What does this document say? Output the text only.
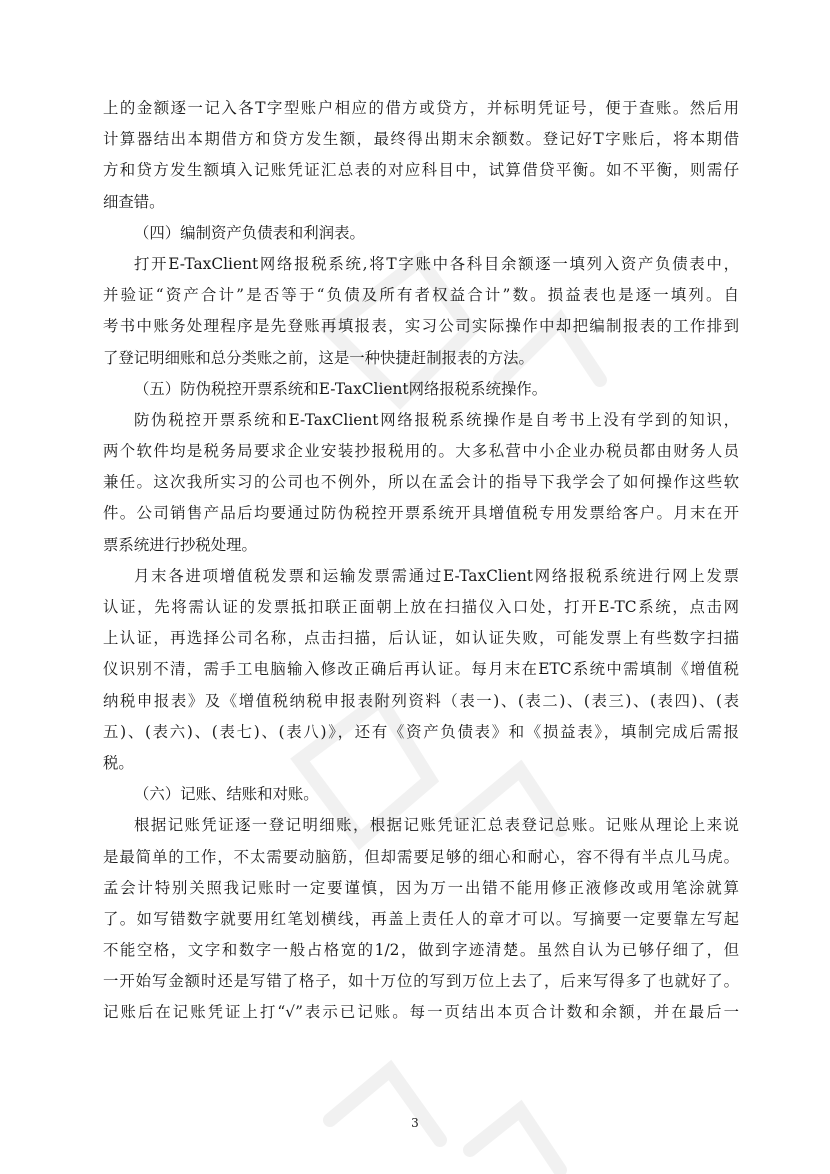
上的金额逐一记入各T字型账户相应的借方或贷方，并标明凭证号，便于查账。然后用
计算器结出本期借方和贷方发生额，最终得出期末余额数。登记好T字账后，将本期借
方和贷方发生额填入记账凭证汇总表的对应科目中，试算借贷平衡。如不平衡，则需仔
细查错。
（四）编制资产负债表和利润表。
打开E-TaxClient网络报税系统,将T字账中各科目余额逐一填列入资产负债表中，
并验证“资产合计”是否等于“负债及所有者权益合计”数。损益表也是逐一填列。自
考书中账务处理程序是先登账再填报表，实习公司实际操作中却把编制报表的工作排到
了登记明细账和总分类账之前，这是一种快捷赶制报表的方法。
（五）防伪税控开票系统和E-TaxClient网络报税系统操作。
防伪税控开票系统和E-TaxClient网络报税系统操作是自考书上没有学到的知识，
两个软件均是税务局要求企业安装抄报税用的。大多私营中小企业办税员都由财务人员
兼任。这次我所实习的公司也不例外，所以在孟会计的指导下我学会了如何操作这些软
件。公司销售产品后均要通过防伪税控开票系统开具增值税专用发票给客户。月末在开
票系统进行抄税处理。
月末各进项增值税发票和运输发票需通过E-TaxClient网络报税系统进行网上发票
认证，先将需认证的发票抵扣联正面朝上放在扫描仪入口处，打开E-TC系统，点击网
上认证，再选择公司名称，点击扫描，后认证，如认证失败，可能发票上有些数字扫描
仪识别不清，需手工电脑输入修改正确后再认证。每月末在ETC系统中需填制《增值税
纳税申报表》及《增值税纳税申报表附列资料（表一)、(表二)、(表三)、(表四)、(表
五)、(表六)、(表七)、(表八)》，还有《资产负债表》和《损益表》，填制完成后需报
税。
（六）记账、结账和对账。
根据记账凭证逐一登记明细账，根据记账凭证汇总表登记总账。记账从理论上来说
是最简单的工作，不太需要动脑筋，但却需要足够的细心和耐心，容不得有半点儿马虎。
孟会计特别关照我记账时一定要谨慎，因为万一出错不能用修正液修改或用笔涂就算
了。如写错数字就要用红笔划横线，再盖上责任人的章才可以。写摘要一定要靠左写起
不能空格，文字和数字一般占格宽的1/2，做到字迹清楚。虽然自认为已够仔细了，但
一开始写金额时还是写错了格子，如十万位的写到万位上去了，后来写得多了也就好了。
记账后在记账凭证上打“√”表示已记账。每一页结出本页合计数和余额，并在最后一
3
